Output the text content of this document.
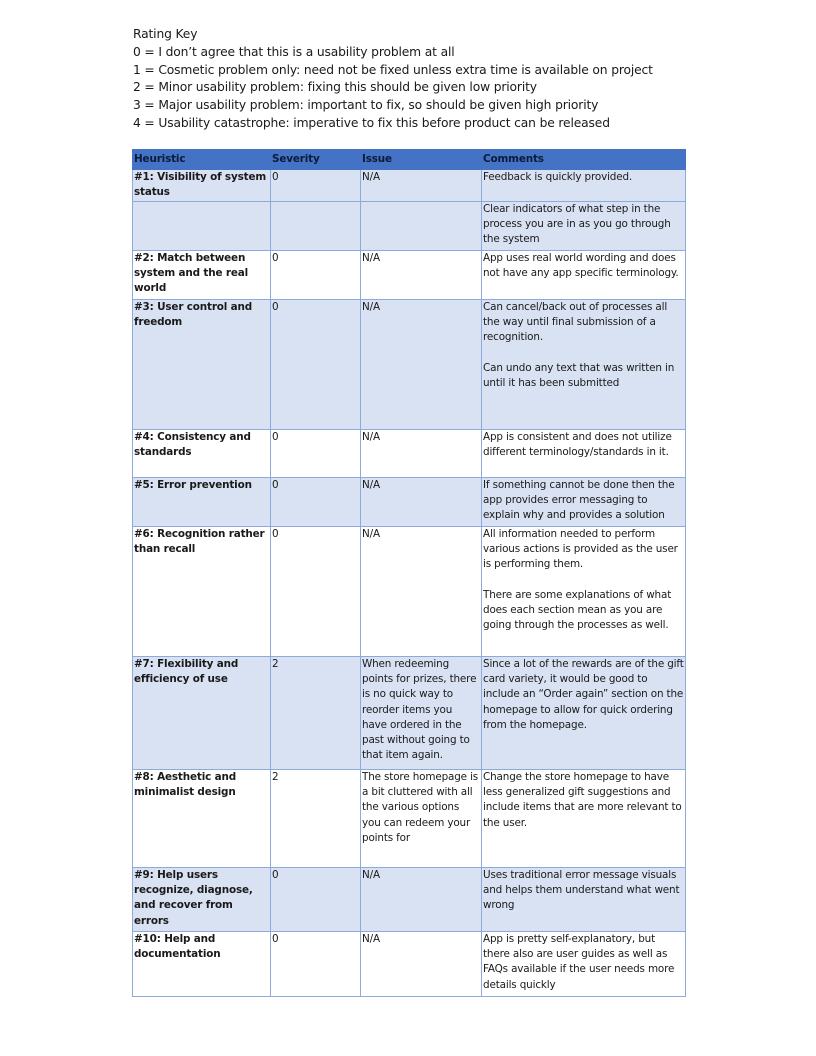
Rating Key
0 = I don’t agree that this is a usability problem at all
1 = Cosmetic problem only: need not be fixed unless extra time is available on project
2 = Minor usability problem: fixing this should be given low priority
3 = Major usability problem: important to fix, so should be given high priority
4 = Usability catastrophe: imperative to fix this before product can be released
Heuristic	Severity	Issue	Comments
#1: Visibility of system status	0	N/A	Feedback is quickly provided.
			Clear indicators of what step in the process you are in as you go through the system
#2: Match between system and the real world	0	N/A	App uses real world wording and does not have any app specific terminology.
#3: User control and freedom	0	N/A	Can cancel/back out of processes all the way until final submission of a recognition.

Can undo any text that was written in until it has been submitted
#4: Consistency and standards	0	N/A	App is consistent and does not utilize different terminology/standards in it.
#5: Error prevention	0	N/A	If something cannot be done then the app provides error messaging to explain why and provides a solution
#6: Recognition rather than recall	0	N/A	All information needed to perform various actions is provided as the user is performing them.

There are some explanations of what does each section mean as you are going through the processes as well.
#7: Flexibility and efficiency of use	2	When redeeming points for prizes, there is no quick way to reorder items you have ordered in the past without going to that item again.	Since a lot of the rewards are of the gift card variety, it would be good to include an “Order again” section on the homepage to allow for quick ordering from the homepage.
#8: Aesthetic and minimalist design	2	The store homepage is a bit cluttered with all the various options you can redeem your points for	Change the store homepage to have less generalized gift suggestions and include items that are more relevant to the user.
#9: Help users recognize, diagnose, and recover from errors	0	N/A	Uses traditional error message visuals and helps them understand what went wrong
#10: Help and documentation	0	N/A	App is pretty self-explanatory, but there also are user guides as well as FAQs available if the user needs more details quickly
